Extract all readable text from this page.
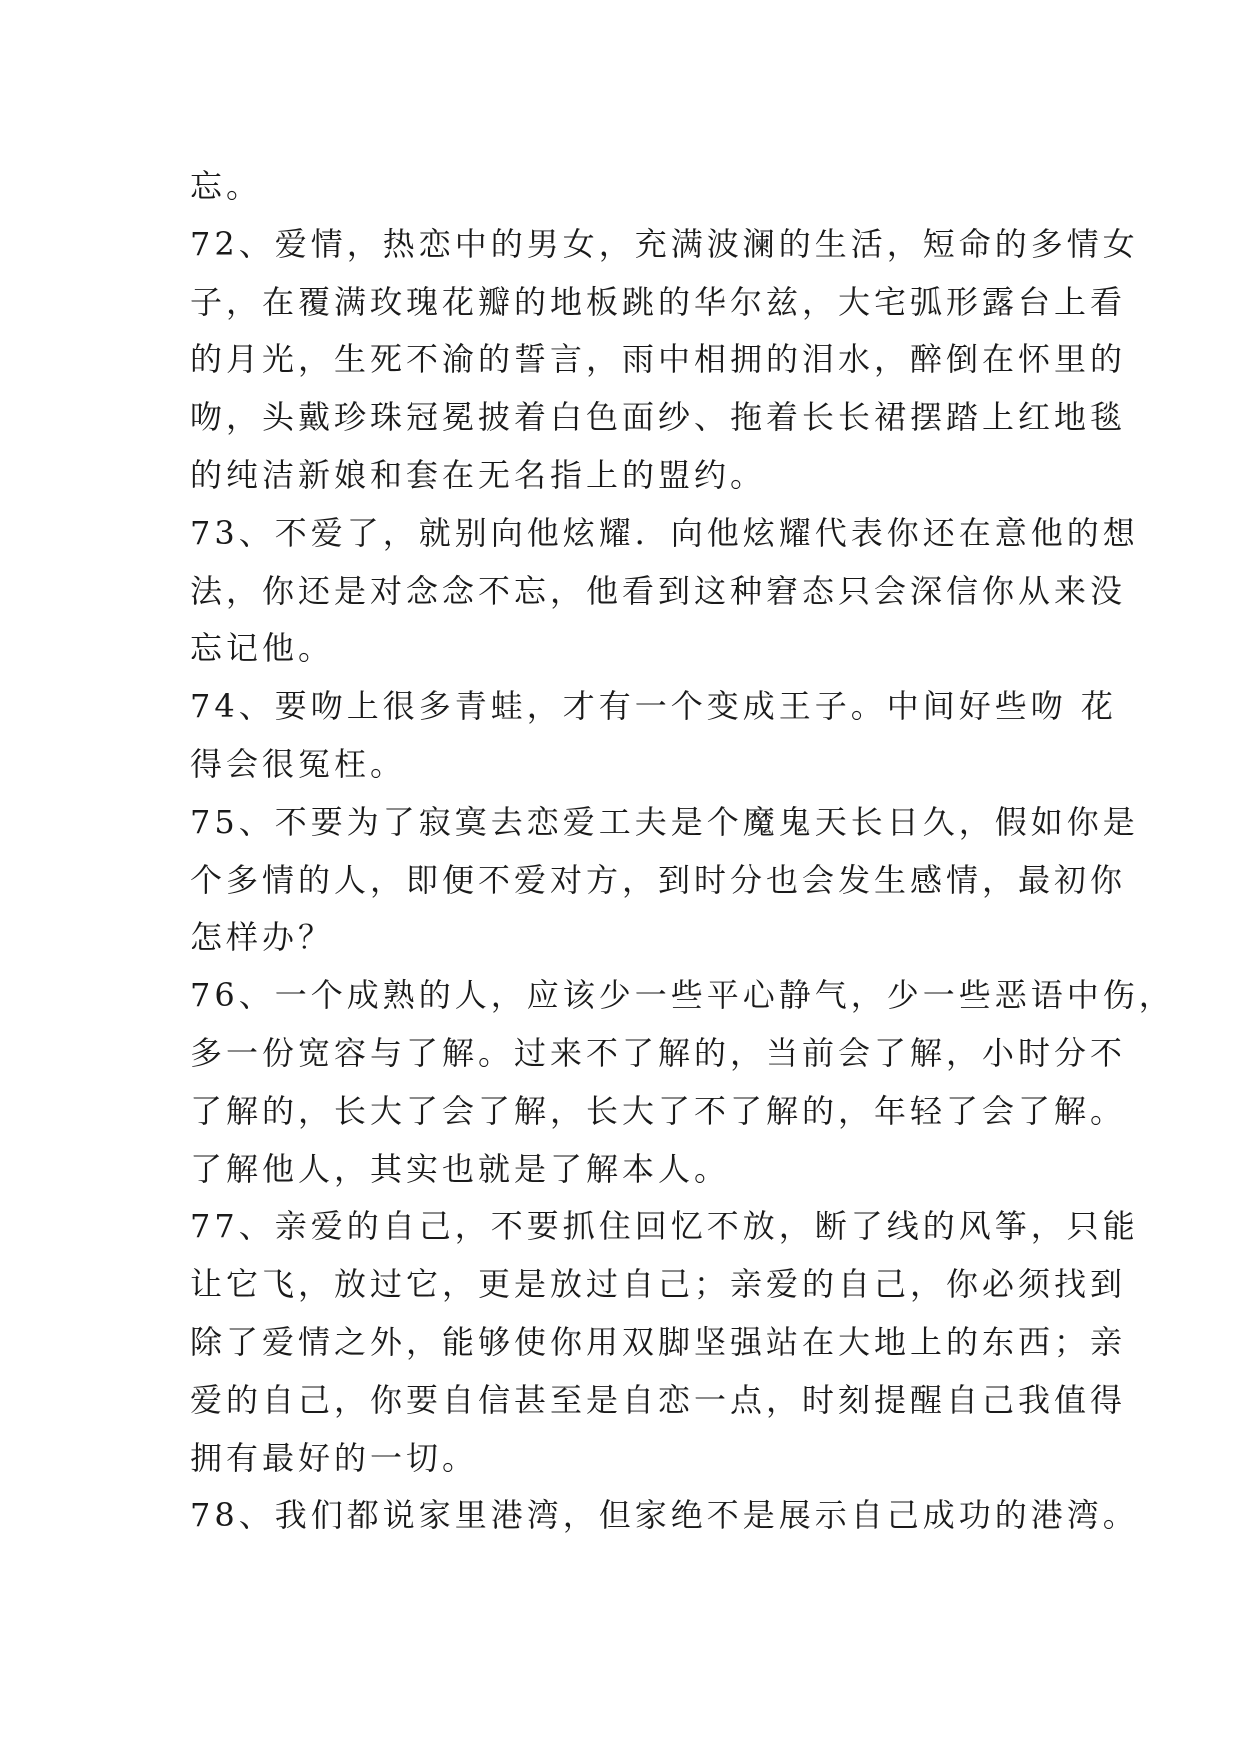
忘。
72、爱情，热恋中的男女，充满波澜的生活，短命的多情女
子，在覆满玫瑰花瓣的地板跳的华尔兹，大宅弧形露台上看
的月光，生死不渝的誓言，雨中相拥的泪水，醉倒在怀里的
吻，头戴珍珠冠冕披着白色面纱、拖着长长裙摆踏上红地毯
的纯洁新娘和套在无名指上的盟约。
73、不爱了，就别向他炫耀．向他炫耀代表你还在意他的想
法，你还是对念念不忘，他看到这种窘态只会深信你从来没
忘记他。
74、要吻上很多青蛙，才有一个变成王子。中间好些吻 花
得会很冤枉。
75、不要为了寂寞去恋爱工夫是个魔鬼天长日久，假如你是
个多情的人，即便不爱对方，到时分也会发生感情，最初你
怎样办？
76、一个成熟的人，应该少一些平心静气，少一些恶语中伤，
多一份宽容与了解。过来不了解的，当前会了解，小时分不
了解的，长大了会了解，长大了不了解的，年轻了会了解。
了解他人，其实也就是了解本人。
77、亲爱的自己，不要抓住回忆不放，断了线的风筝，只能
让它飞，放过它，更是放过自己；亲爱的自己，你必须找到
除了爱情之外，能够使你用双脚坚强站在大地上的东西；亲
爱的自己，你要自信甚至是自恋一点，时刻提醒自己我值得
拥有最好的一切。
78、我们都说家里港湾，但家绝不是展示自己成功的港湾。
